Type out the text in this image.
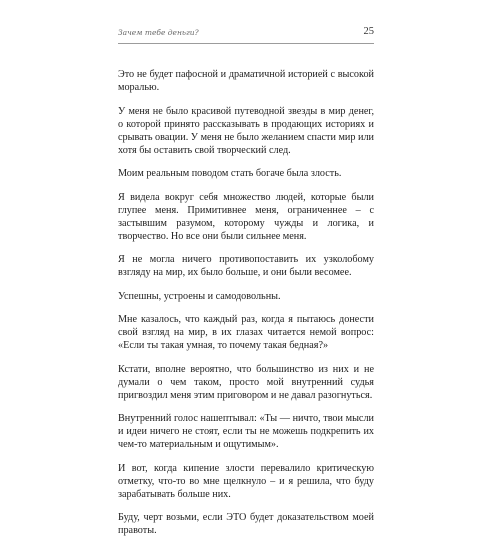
Зачем тебе деньги?	25

Это не будет пафосной и драматичной историей с высокой моралью.

У меня не было красивой путеводной звезды в мир денег, о которой принято рассказывать в продающих историях и срывать овации. У меня не было желанием спасти мир или хотя бы оставить свой творческий след.

Моим реальным поводом стать богаче была злость.

Я видела вокруг себя множество людей, которые были глупее меня. Примитивнее меня, ограниченнее – с застывшим разумом, которому чужды и логика, и творчество. Но все они были сильнее меня.

Я не могла ничего противопоставить их узколобому взгляду на мир, их было больше, и они были весомее.

Успешны, устроены и самодовольны.

Мне казалось, что каждый раз, когда я пытаюсь донести свой взгляд на мир, в их глазах читается немой вопрос: «Если ты такая умная, то почему такая бедная?»

Кстати, вполне вероятно, что большинство из них и не думали о чем таком, просто мой внутренний судья пригвоздил меня этим приговором и не давал разогнуться.

Внутренний голос нашептывал: «Ты — ничто, твои мысли и идеи ничего не стоят, если ты не можешь подкрепить их чем-то материальным и ощутимым».

И вот, когда кипение злости перевалило критическую отметку, что-то во мне щелкнуло – и я решила, что буду зарабатывать больше них.

Буду, черт возьми, если ЭТО будет доказательством моей правоты.
